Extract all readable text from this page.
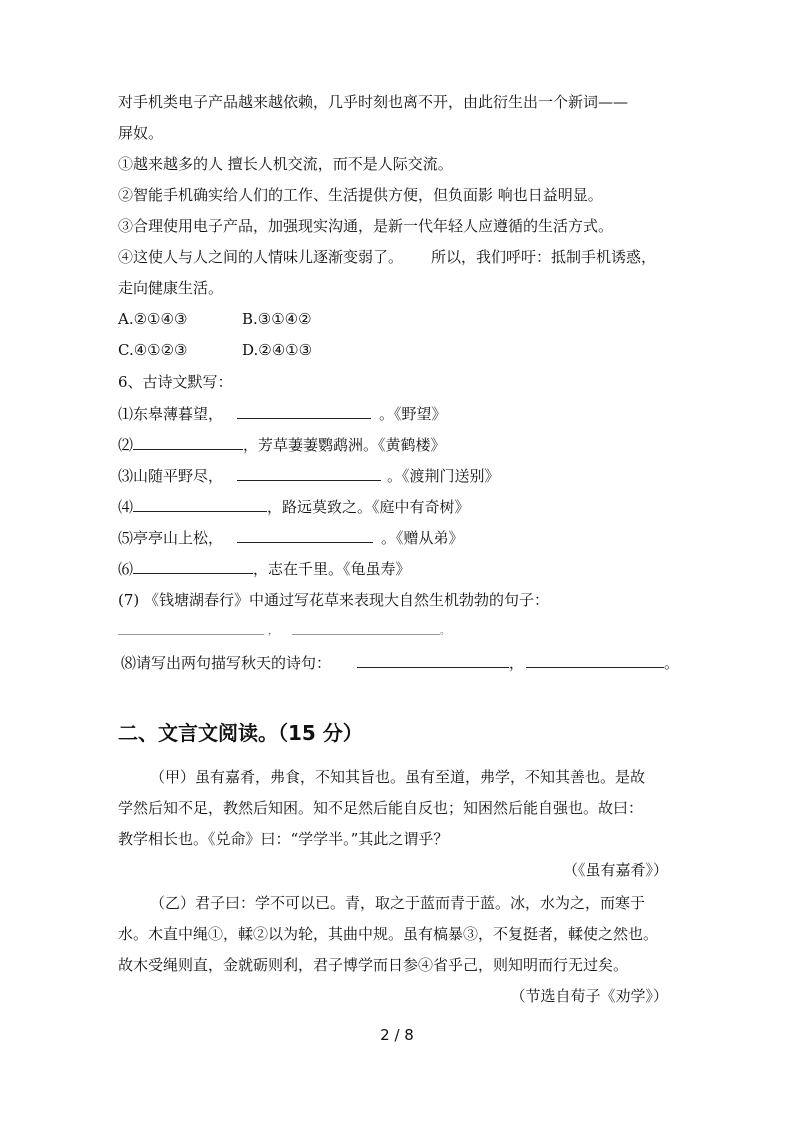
对手机类电子产品越来越依赖，几乎时刻也离不开，由此衍生出一个新词——
屏奴。
①越来越多的人 擅长人机交流，而不是人际交流。
②智能手机确实给人们的工作、生活提供方便，但负面影 响也日益明显。
③合理使用电子产品，加强现实沟通，是新一代年轻人应遵循的生活方式。
④这使人与人之间的人情味儿逐渐变弱了。 所以，我们呼吁：抵制手机诱惑，
走向健康生活。
A.②①④③	B.③①④②
C.④①②③	D.②④①③
6、古诗文默写：
⑴东皋薄暮望，	。《野望》
⑵	，芳草萋萋鹦鹉洲。《黄鹤楼》
⑶山随平野尽，	。《渡荆门送别》
⑷	，路远莫致之。《庭中有奇树》
⑸亭亭山上松，	。《赠从弟》
⑹	，志在千里。《龟虽寿》
(7) 《钱塘湖春行》中通过写花草来表现大自然生机勃勃的句子：
，	。
⑻请写出两句描写秋天的诗句：	，	。
二、文言文阅读。（15 分）
（甲）虽有嘉肴，弗食，不知其旨也。虽有至道，弗学，不知其善也。是故
学然后知不足，教然后知困。知不足然后能自反也；知困然后能自强也。故曰：
教学相长也。《兑命》曰：“学学半。”其此之谓乎？
（《虽有嘉肴》）
（乙）君子曰：学不可以已。青，取之于蓝而青于蓝。冰，水为之，而寒于
水。木直中绳①，輮②以为轮，其曲中规。虽有槁暴③，不复挺者，輮使之然也。
故木受绳则直，金就砺则利，君子博学而日参④省乎己，则知明而行无过矣。
（节选自荀子《劝学》）
2 / 8
